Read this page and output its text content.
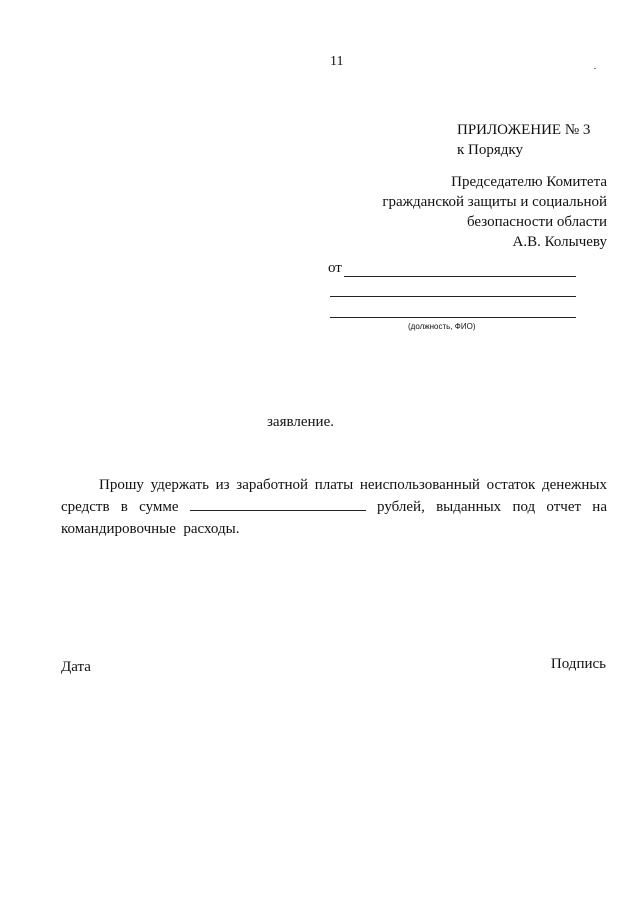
11
ПРИЛОЖЕНИЕ № 3
к Порядку
Председателю Комитета
гражданской защиты и социальной
безопасности области
А.В. Колычеву
от
(должность, ФИО)
заявление.
Прошу удержать из заработной платы неиспользованный остаток денежных
средств в сумме	рублей, выданных под отчет на
командировочные  расходы.
Дата	Подпись
